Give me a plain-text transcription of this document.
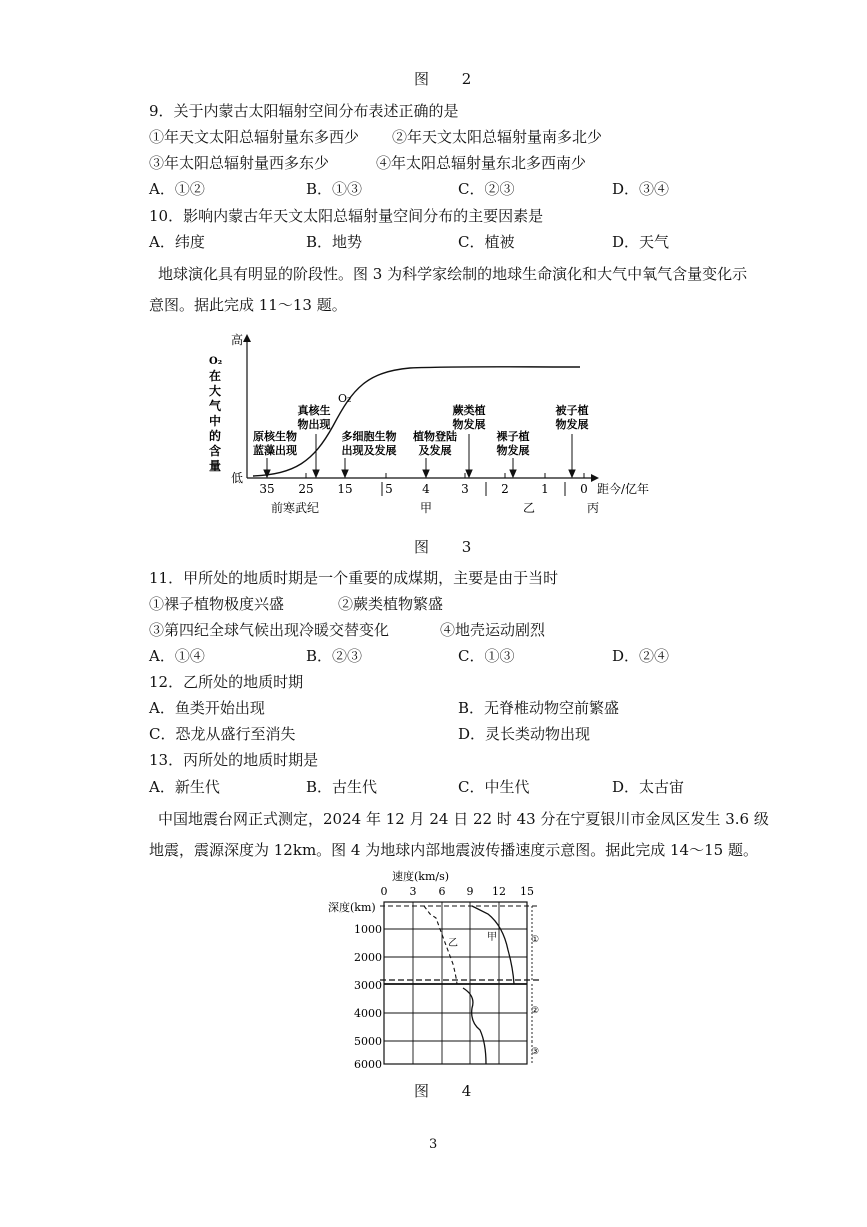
图 2
9．关于内蒙古太阳辐射空间分布表述正确的是
①年天文太阳总辐射量东多西少 ②年天文太阳总辐射量南多北少
③年太阳总辐射量西多东少	④年太阳总辐射量东北多西南少
A．①②	B．①③	C．②③	D．③④
10．影响内蒙古年天文太阳总辐射量空间分布的主要因素是
A．纬度	B．地势	C．植被	D．天气
地球演化具有明显的阶段性。图 3 为科学家绘制的地球生命演化和大气中氧气含量变化示
意图。据此完成 11～13 题。
高
低
O₂
在
大
气
中
的
含
量
O₂
35 25 15	5 4	3	2	1	0 距今/亿年
前寒武纪	甲	乙	丙
原核生物
蓝藻出现
真核生
物出现
多细胞生物
出现及发展
植物登陆
及发展
蕨类植
物发展
裸子植
物发展
被子植
物发展
图 3
11．甲所处的地质时期是一个重要的成煤期，主要是由于当时
①裸子植物极度兴盛	②蕨类植物繁盛
③第四纪全球气候出现冷暖交替变化	④地壳运动剧烈
A．①④	B．②③	C．①③	D．②④
12．乙所处的地质时期
A．鱼类开始出现	B．无脊椎动物空前繁盛
C．恐龙从盛行至消失	D．灵长类动物出现
13．丙所处的地质时期是
A．新生代	B．古生代	C．中生代	D．太古宙
中国地震台网正式测定，2024 年 12 月 24 日 22 时 43 分在宁夏银川市金凤区发生 3.6 级
地震，震源深度为 12km。图 4 为地球内部地震波传播速度示意图。据此完成 14～15 题。
速度(km/s)
0 3 6 9 12 15
深度(km)
1000
2000
3000
4000
5000
6000
甲
乙	①
②
③
图 4
3
